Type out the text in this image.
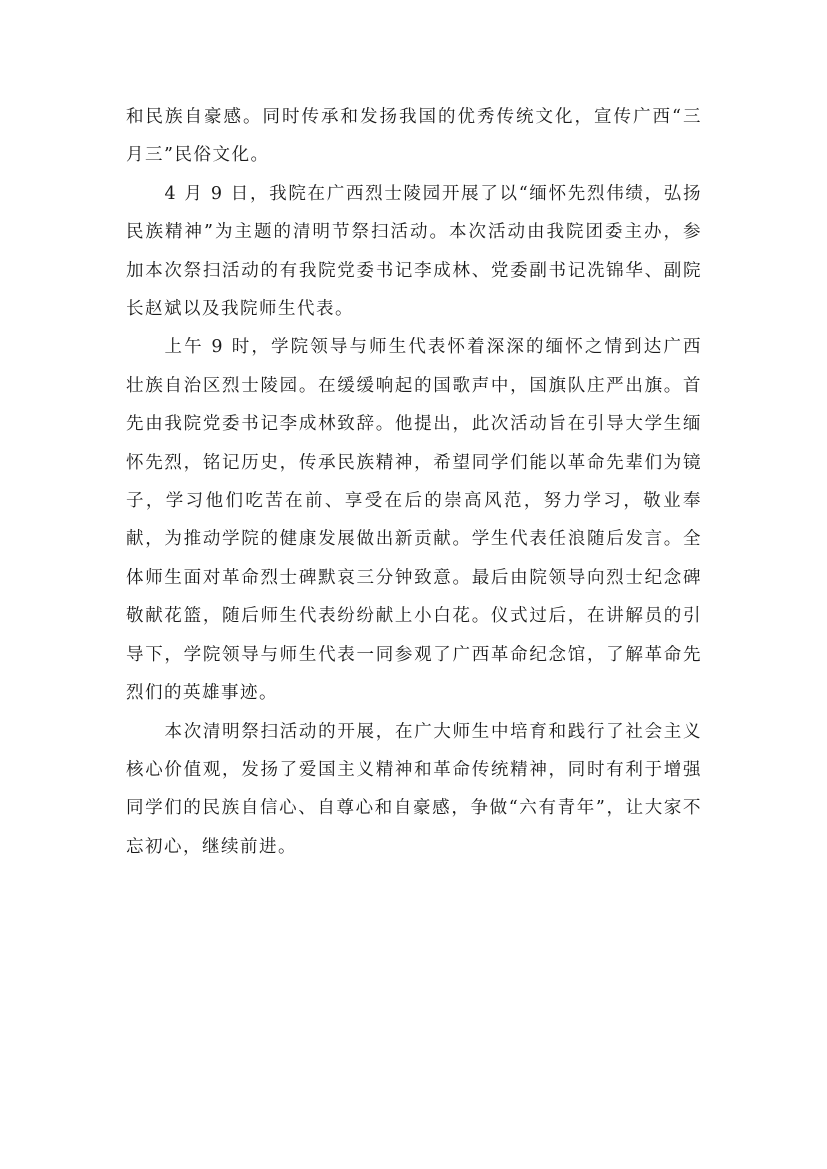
和民族自豪感。同时传承和发扬我国的优秀传统文化，宣传广西“三月三”民俗文化。

4 月 9 日，我院在广西烈士陵园开展了以“缅怀先烈伟绩，弘扬民族精神”为主题的清明节祭扫活动。本次活动由我院团委主办，参加本次祭扫活动的有我院党委书记李成林、党委副书记冼锦华、副院长赵斌以及我院师生代表。

上午 9 时，学院领导与师生代表怀着深深的缅怀之情到达广西壮族自治区烈士陵园。在缓缓响起的国歌声中，国旗队庄严出旗。首先由我院党委书记李成林致辞。他提出，此次活动旨在引导大学生缅怀先烈，铭记历史，传承民族精神，希望同学们能以革命先辈们为镜子，学习他们吃苦在前、享受在后的崇高风范，努力学习，敬业奉献，为推动学院的健康发展做出新贡献。学生代表任浪随后发言。全体师生面对革命烈士碑默哀三分钟致意。最后由院领导向烈士纪念碑敬献花篮，随后师生代表纷纷献上小白花。仪式过后，在讲解员的引导下，学院领导与师生代表一同参观了广西革命纪念馆，了解革命先烈们的英雄事迹。

本次清明祭扫活动的开展，在广大师生中培育和践行了社会主义核心价值观，发扬了爱国主义精神和革命传统精神，同时有利于增强同学们的民族自信心、自尊心和自豪感，争做“六有青年”，让大家不忘初心，继续前进。
